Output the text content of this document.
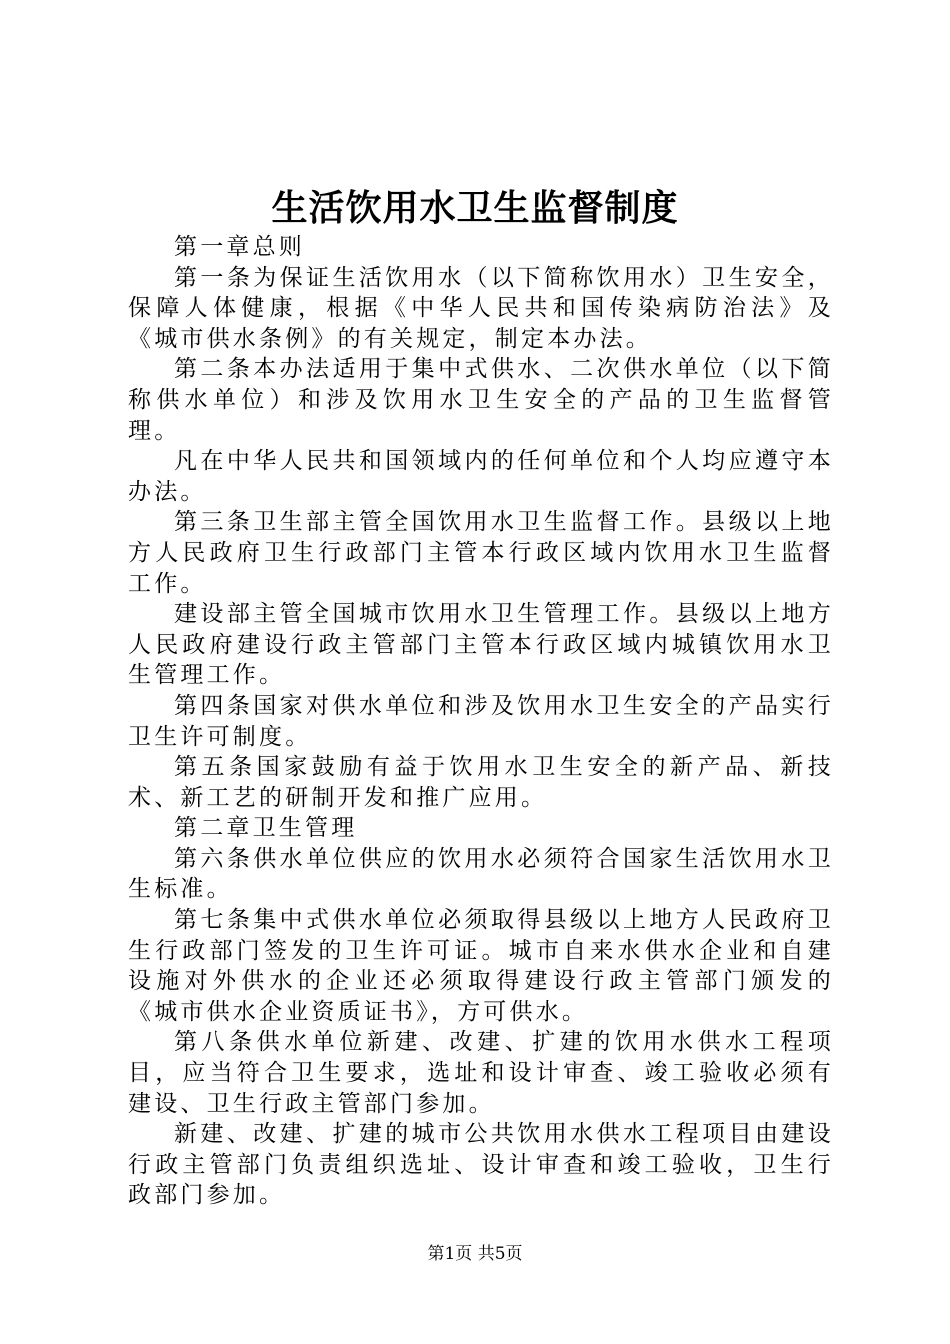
生活饮用水卫生监督制度

第一章总则

第一条为保证生活饮用水（以下简称饮用水）卫生安全，保障人体健康，根据《中华人民共和国传染病防治法》及《城市供水条例》的有关规定，制定本办法。

第二条本办法适用于集中式供水、二次供水单位（以下简称供水单位）和涉及饮用水卫生安全的产品的卫生监督管理。

凡在中华人民共和国领域内的任何单位和个人均应遵守本办法。

第三条卫生部主管全国饮用水卫生监督工作。县级以上地方人民政府卫生行政部门主管本行政区域内饮用水卫生监督工作。

建设部主管全国城市饮用水卫生管理工作。县级以上地方人民政府建设行政主管部门主管本行政区域内城镇饮用水卫生管理工作。

第四条国家对供水单位和涉及饮用水卫生安全的产品实行卫生许可制度。

第五条国家鼓励有益于饮用水卫生安全的新产品、新技术、新工艺的研制开发和推广应用。

第二章卫生管理

第六条供水单位供应的饮用水必须符合国家生活饮用水卫生标准。

第七条集中式供水单位必须取得县级以上地方人民政府卫生行政部门签发的卫生许可证。城市自来水供水企业和自建设施对外供水的企业还必须取得建设行政主管部门颁发的《城市供水企业资质证书》，方可供水。

第八条供水单位新建、改建、扩建的饮用水供水工程项目，应当符合卫生要求，选址和设计审查、竣工验收必须有建设、卫生行政主管部门参加。

新建、改建、扩建的城市公共饮用水供水工程项目由建设行政主管部门负责组织选址、设计审查和竣工验收，卫生行政部门参加。

第1页 共5页
